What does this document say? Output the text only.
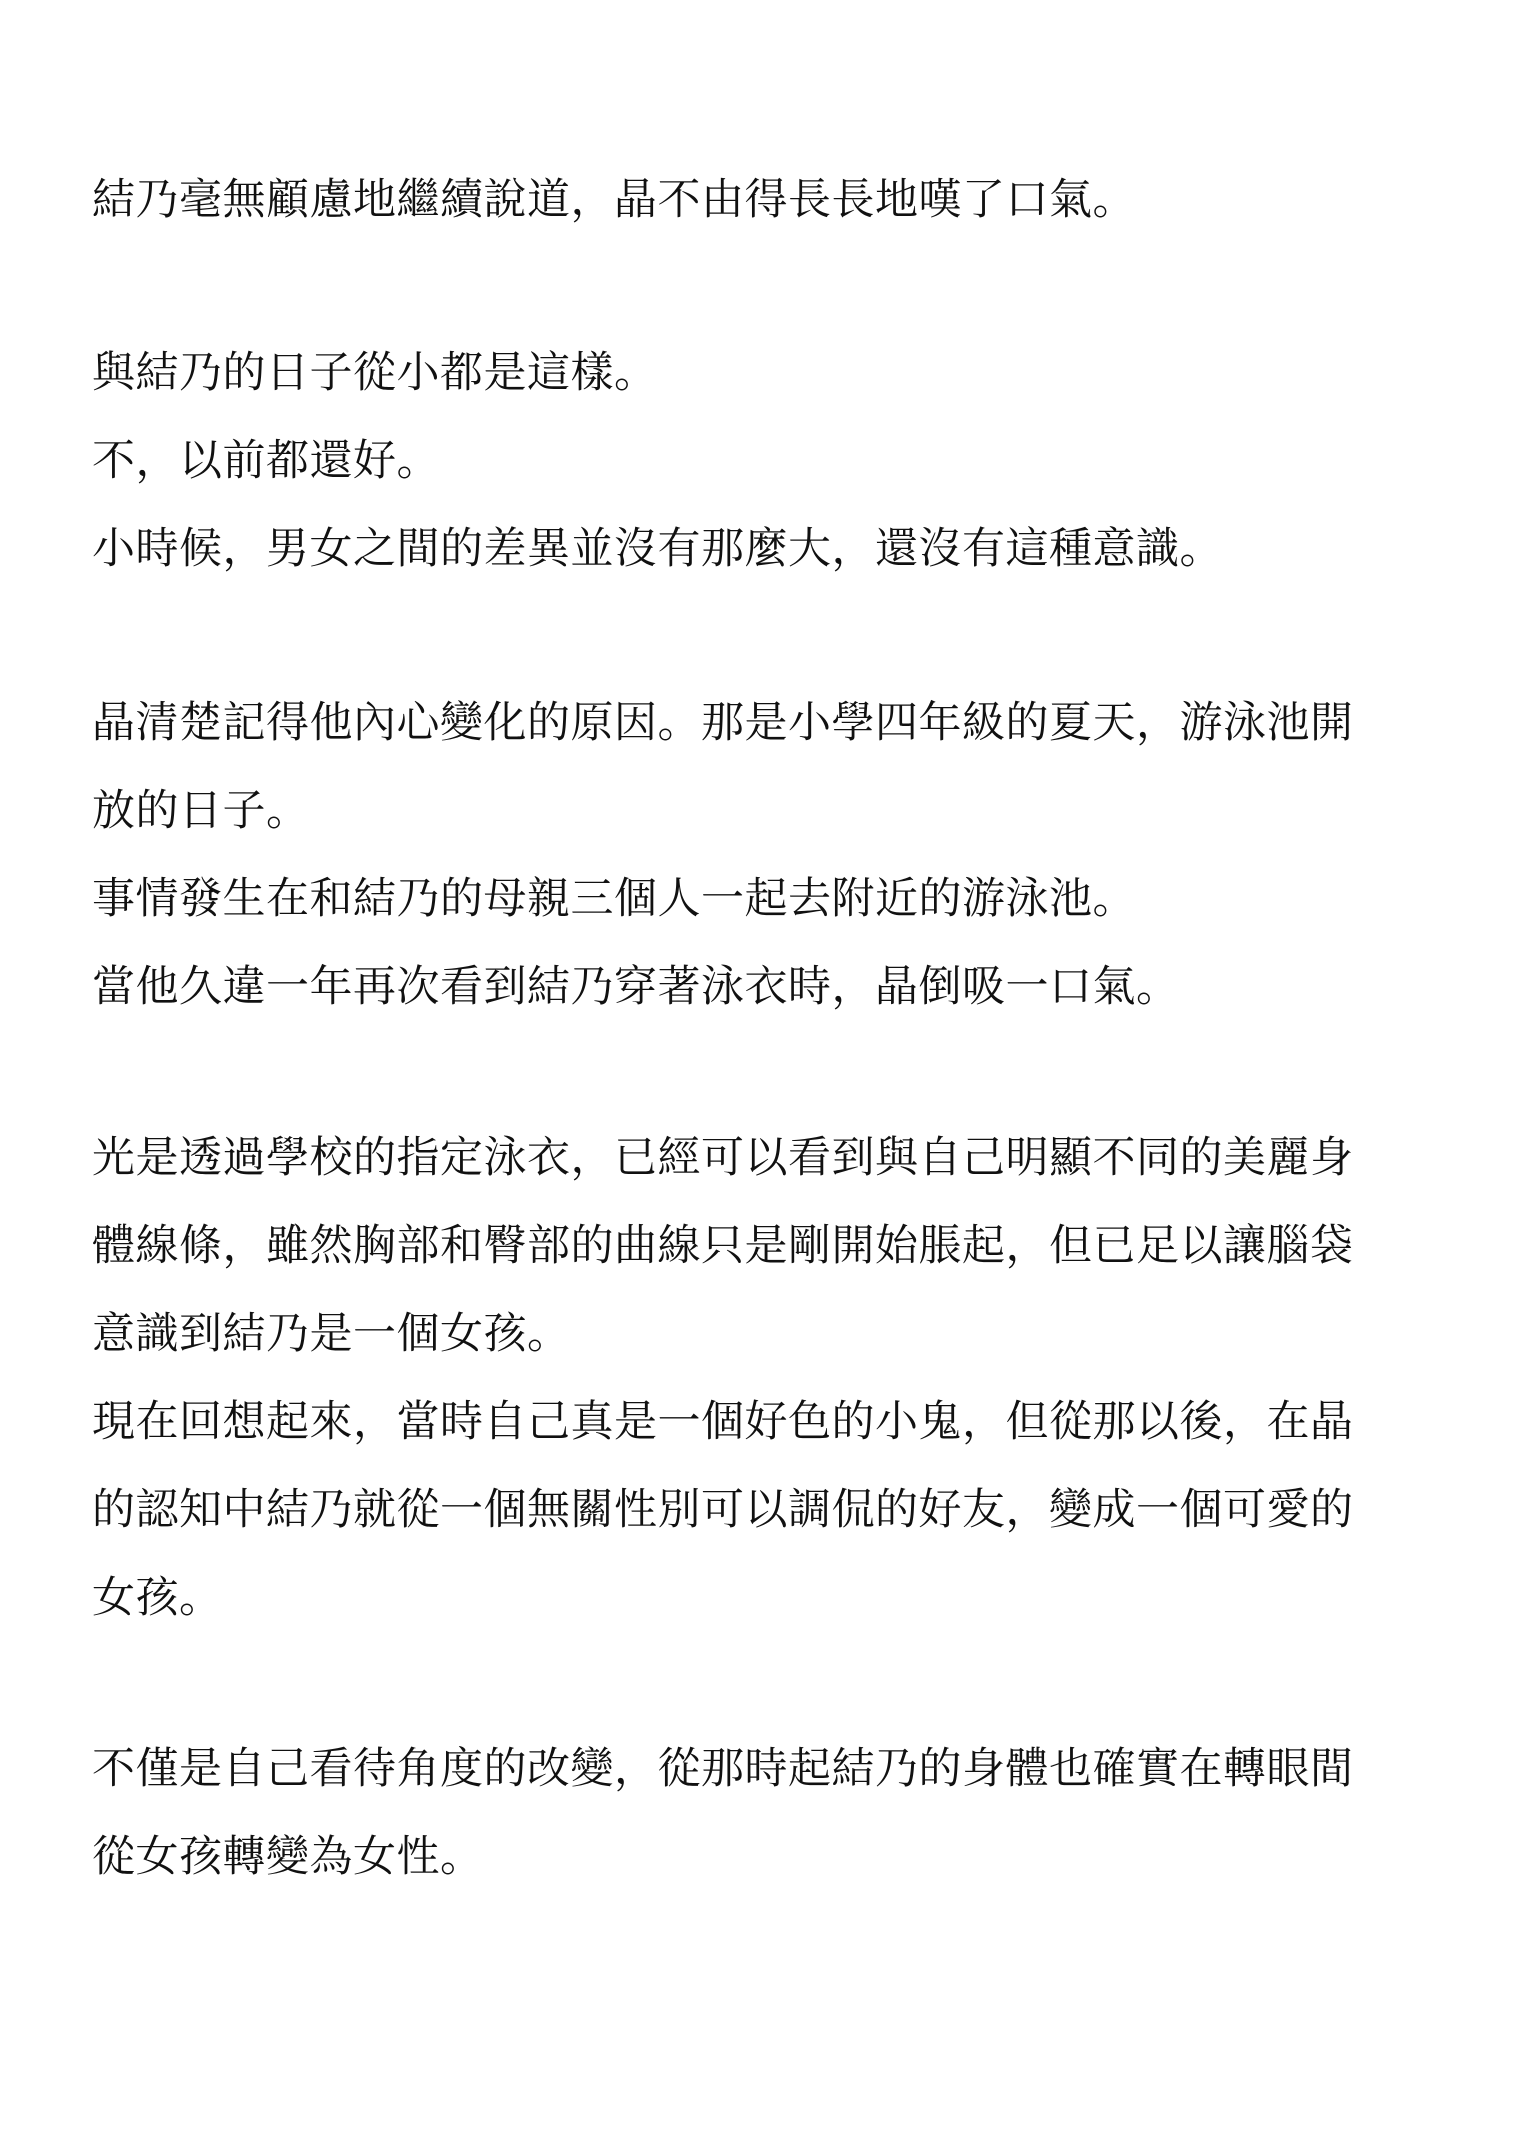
結乃毫無顧慮地繼續說道，晶不由得長長地嘆了口氣。
與結乃的日子從小都是這樣。
不，以前都還好。
小時候，男女之間的差異並沒有那麼大，還沒有這種意識。
晶清楚記得他內心變化的原因。那是小學四年級的夏天，游泳池開
放的日子。
事情發生在和結乃的母親三個人一起去附近的游泳池。
當他久違一年再次看到結乃穿著泳衣時，晶倒吸一口氣。
光是透過學校的指定泳衣，已經可以看到與自己明顯不同的美麗身
體線條，雖然胸部和臀部的曲線只是剛開始脹起，但已足以讓腦袋
意識到結乃是一個女孩。
現在回想起來，當時自己真是一個好色的小鬼，但從那以後，在晶
的認知中結乃就從一個無關性別可以調侃的好友，變成一個可愛的
女孩。
不僅是自己看待角度的改變，從那時起結乃的身體也確實在轉眼間
從女孩轉變為女性。
